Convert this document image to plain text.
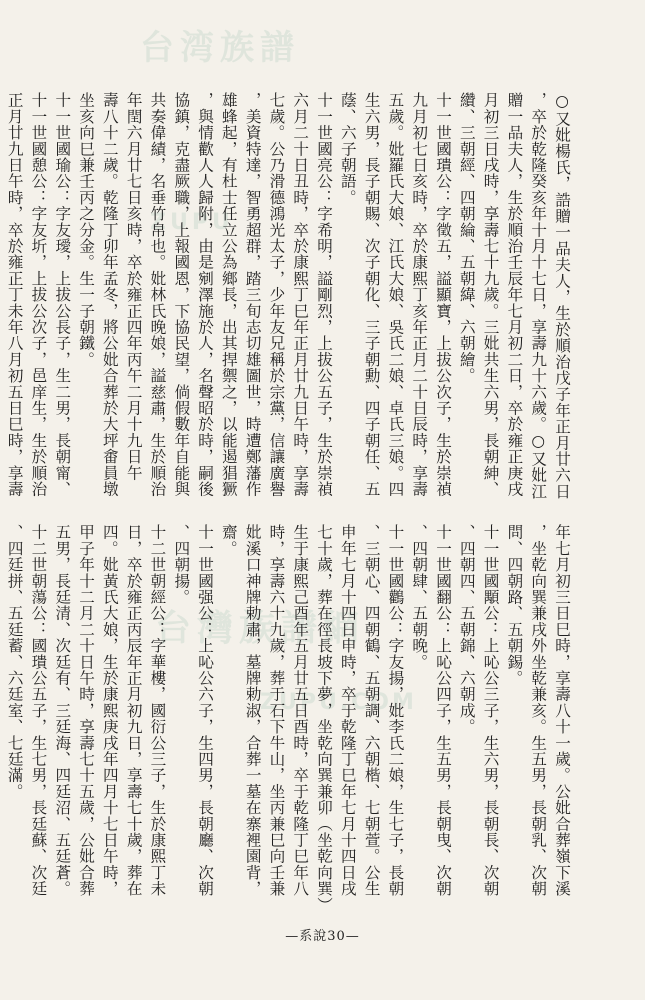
台湾族譜
ZUPU
台灣族譜網
ZUPU.COM
○又妣楊氏，誥贈一品夫人，生於順治戊子年正月廿六日
，卒於乾隆癸亥年十月十七日，享壽九十六歲。○又妣江
贈一品夫人，生於順治壬辰年七月初二日，卒於雍正庚戌
月初三日戌時，享壽七十九歲。三妣共生六男，長朝紳、
纘、三朝經、四朝綸、五朝緯、六朝繪。
十一世國璝公：字徵五，謚顯寶，上拔公次子，生於崇禎
九月初七日亥時，卒於康熙丁亥年正月二十日辰時，享壽
五歲。妣羅氏大娘、江氏大娘、吳氏二娘、卓氏三娘。四
生六男，長子朝賜、次子朝化、三子朝勳、四子朝任、五
蔭、六子朝語。
十一世國亮公：字希明，謚剛烈，上拔公五子，生於崇禎
六月二十日丑時，卒於康熙丁巳年正月廿九日午時，享壽
七歲。公乃滑德鴻光太子，少年友兄稱於宗黨，信讓廣譽
，美資特達，智勇超群，踏三旬志切雄圖世，時遭鄭藩作
雄蜂起，有杜士任立公為鄉長，出其捍禦之，以能遏猖獗
，與情歡人人歸附，由是剜澤施於人，名聲昭於時，嗣後
協鎮，克盡厥職，上報國恩，下協民望，倘假數年自能與
共奏偉績，名垂竹帛也。妣林氏晚娘，謚慈肅，生於順治
年閏六月廿七日亥時，卒於雍正四年丙午二月十九日午
壽八十二歲。乾隆丁卯年孟冬，將公妣合葬於大坪畬員墩
坐亥向巳兼壬丙之分金。生一子朝鐵。
十一世國瑜公：字友璦，上拔公長子，生二男，長朝甯、
十一世國憩公：字友圻，上拔公次子，邑庠生，生於順治
正月廿九日午時，卒於雍正丁未年八月初五日巳時，享壽
年七月初三日巳時，享壽八十一歲。公妣合葬嶺下溪
，坐乾向巽兼戌外坐乾兼亥。生五男，長朝乳、次朝
問、四朝路、五朝錫。
十一世國顒公：上吣公三子，生六男，長朝長、次朝
、四朝四、五朝錦、六朝成。
十一世國翻公：上吣公四子，生五男，長朝曳、次朝
、四朝肆、五朝晚。
十一世國鸛公：字友揚，妣李氏二娘，生七子，長朝
、三朝心、四朝鶴、五朝調、六朝楷、七朝萱。公生
申年七月十四日申時，卒于乾隆丁巳年七月十四日戌
七十歲，葬在徑長坡下夢，坐乾向巽兼卯（坐乾向巽）
生于康熙己酉年五月廿五日酉時，卒于乾隆丁巳年八
時，享壽六十九歲，葬于石下牛山，坐丙兼巳向壬兼
妣溪口神牌勅肅，墓牌勅淑，合葬一墓在寨裡園背，
齋。
十一世國强公：上吣公六子，生四男，長朝廳、次朝
、四朝揚。
十二世朝經公：字華樓，國衍公三子，生於康熙丁未
日，卒於雍正丙辰年正月初九日，享壽七十歲，葬在
四。妣黃氏大娘，生於康熙庚戌年四月十七日午時，
甲子年十二月二十日午時，享壽七十五歲，公妣合葬
五男，長廷清、次廷有、三廷海、四廷沼、五廷蒼。
十二世朝蕩公：國璝公五子，生七男，長廷蘇、次廷
、四廷拼、五廷蓄、六廷室、七廷滿。
—系說30—
